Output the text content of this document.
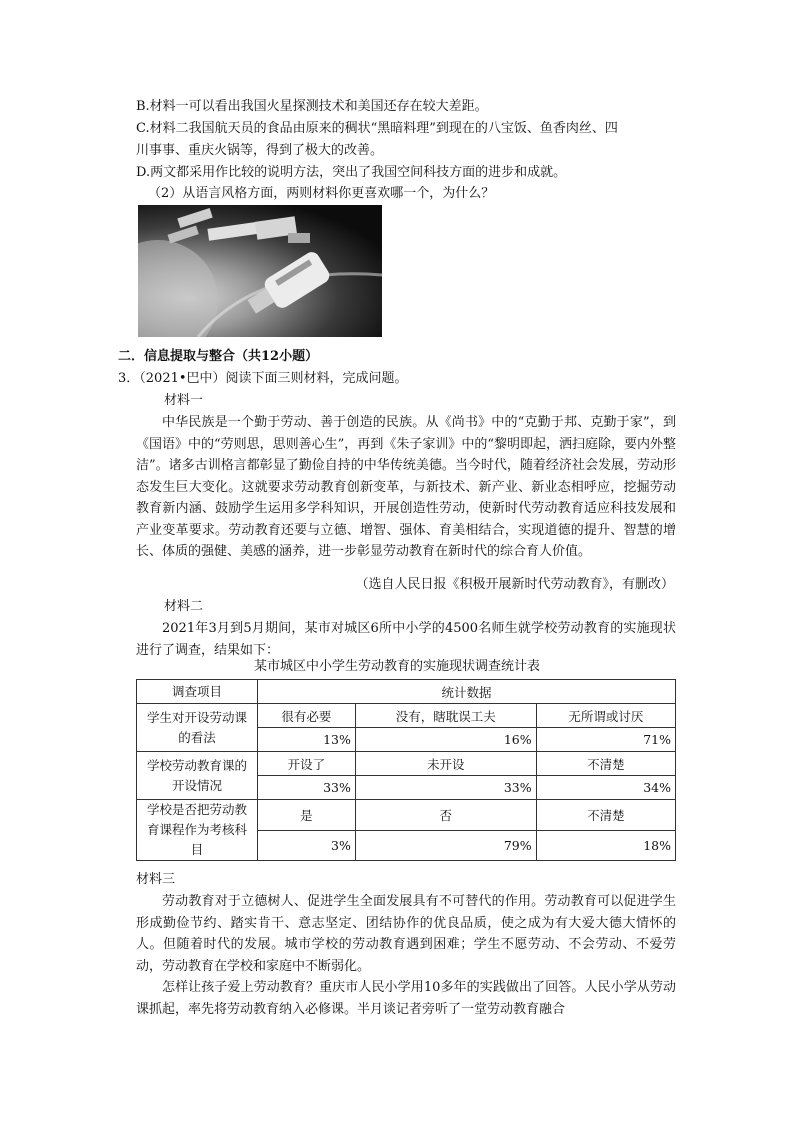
B.材料一可以看出我国火星探测技术和美国还存在较大差距。
C.材料二我国航天员的食品由原来的稠状“黑暗料理”到现在的八宝饭、鱼香肉丝、四
川事事、重庆火锅等，得到了极大的改善。
D.两文都采用作比较的说明方法，突出了我国空间科技方面的进步和成就。
（2）从语言风格方面，两则材料你更喜欢哪一个，为什么？
二．信息提取与整合（共12小题）
3．（2021•巴中）阅读下面三则材料，完成问题。
材料一
中华民族是一个勤于劳动、善于创造的民族。从《尚书》中的“克勤于邦、克勤于家”，到《国语》中的“劳则思，思则善心生”，再到《朱子家训》中的“黎明即起，洒扫庭除，要内外整洁”。诸多古训格言都彰显了勤俭自持的中华传统美德。当今时代，随着经济社会发展，劳动形态发生巨大变化。这就要求劳动教育创新变革，与新技术、新产业、新业态相呼应，挖掘劳动教育新内涵、鼓励学生运用多学科知识，开展创造性劳动，使新时代劳动教育适应科技发展和产业变革要求。劳动教育还要与立德、增智、强体、育美相结合，实现道德的提升、智慧的增长、体质的强健、美感的涵养，进一步彰显劳动教育在新时代的综合育人价值。
（选自人民日报《积极开展新时代劳动教育》，有删改）
材料二
2021年3月到5月期间，某市对城区6所中小学的4500名师生就学校劳动教育的实施现状进行了调查，结果如下：
某市城区中小学生劳动教育的实施现状调查统计表
调查项目	统计数据		
学生对开设劳动课的看法	很有必要	没有，瞎耽误工夫	无所谓或讨厌
	13%	16%	71%
学校劳动教育课的开设情况	开设了	未开设	不清楚
	33%	33%	34%
学校是否把劳动教育课程作为考核科目	是	否	不清楚
	3%	79%	18%
材料三
劳动教育对于立德树人、促进学生全面发展具有不可替代的作用。劳动教育可以促进学生形成勤俭节约、踏实肯干、意志坚定、团结协作的优良品质，使之成为有大爱大德大情怀的人。但随着时代的发展。城市学校的劳动教育遇到困难；学生不愿劳动、不会劳动、不爱劳动，劳动教育在学校和家庭中不断弱化。
怎样让孩子爱上劳动教育？重庆市人民小学用10多年的实践做出了回答。人民小学从劳动课抓起，率先将劳动教育纳入必修课。半月谈记者旁听了一堂劳动教育融合
